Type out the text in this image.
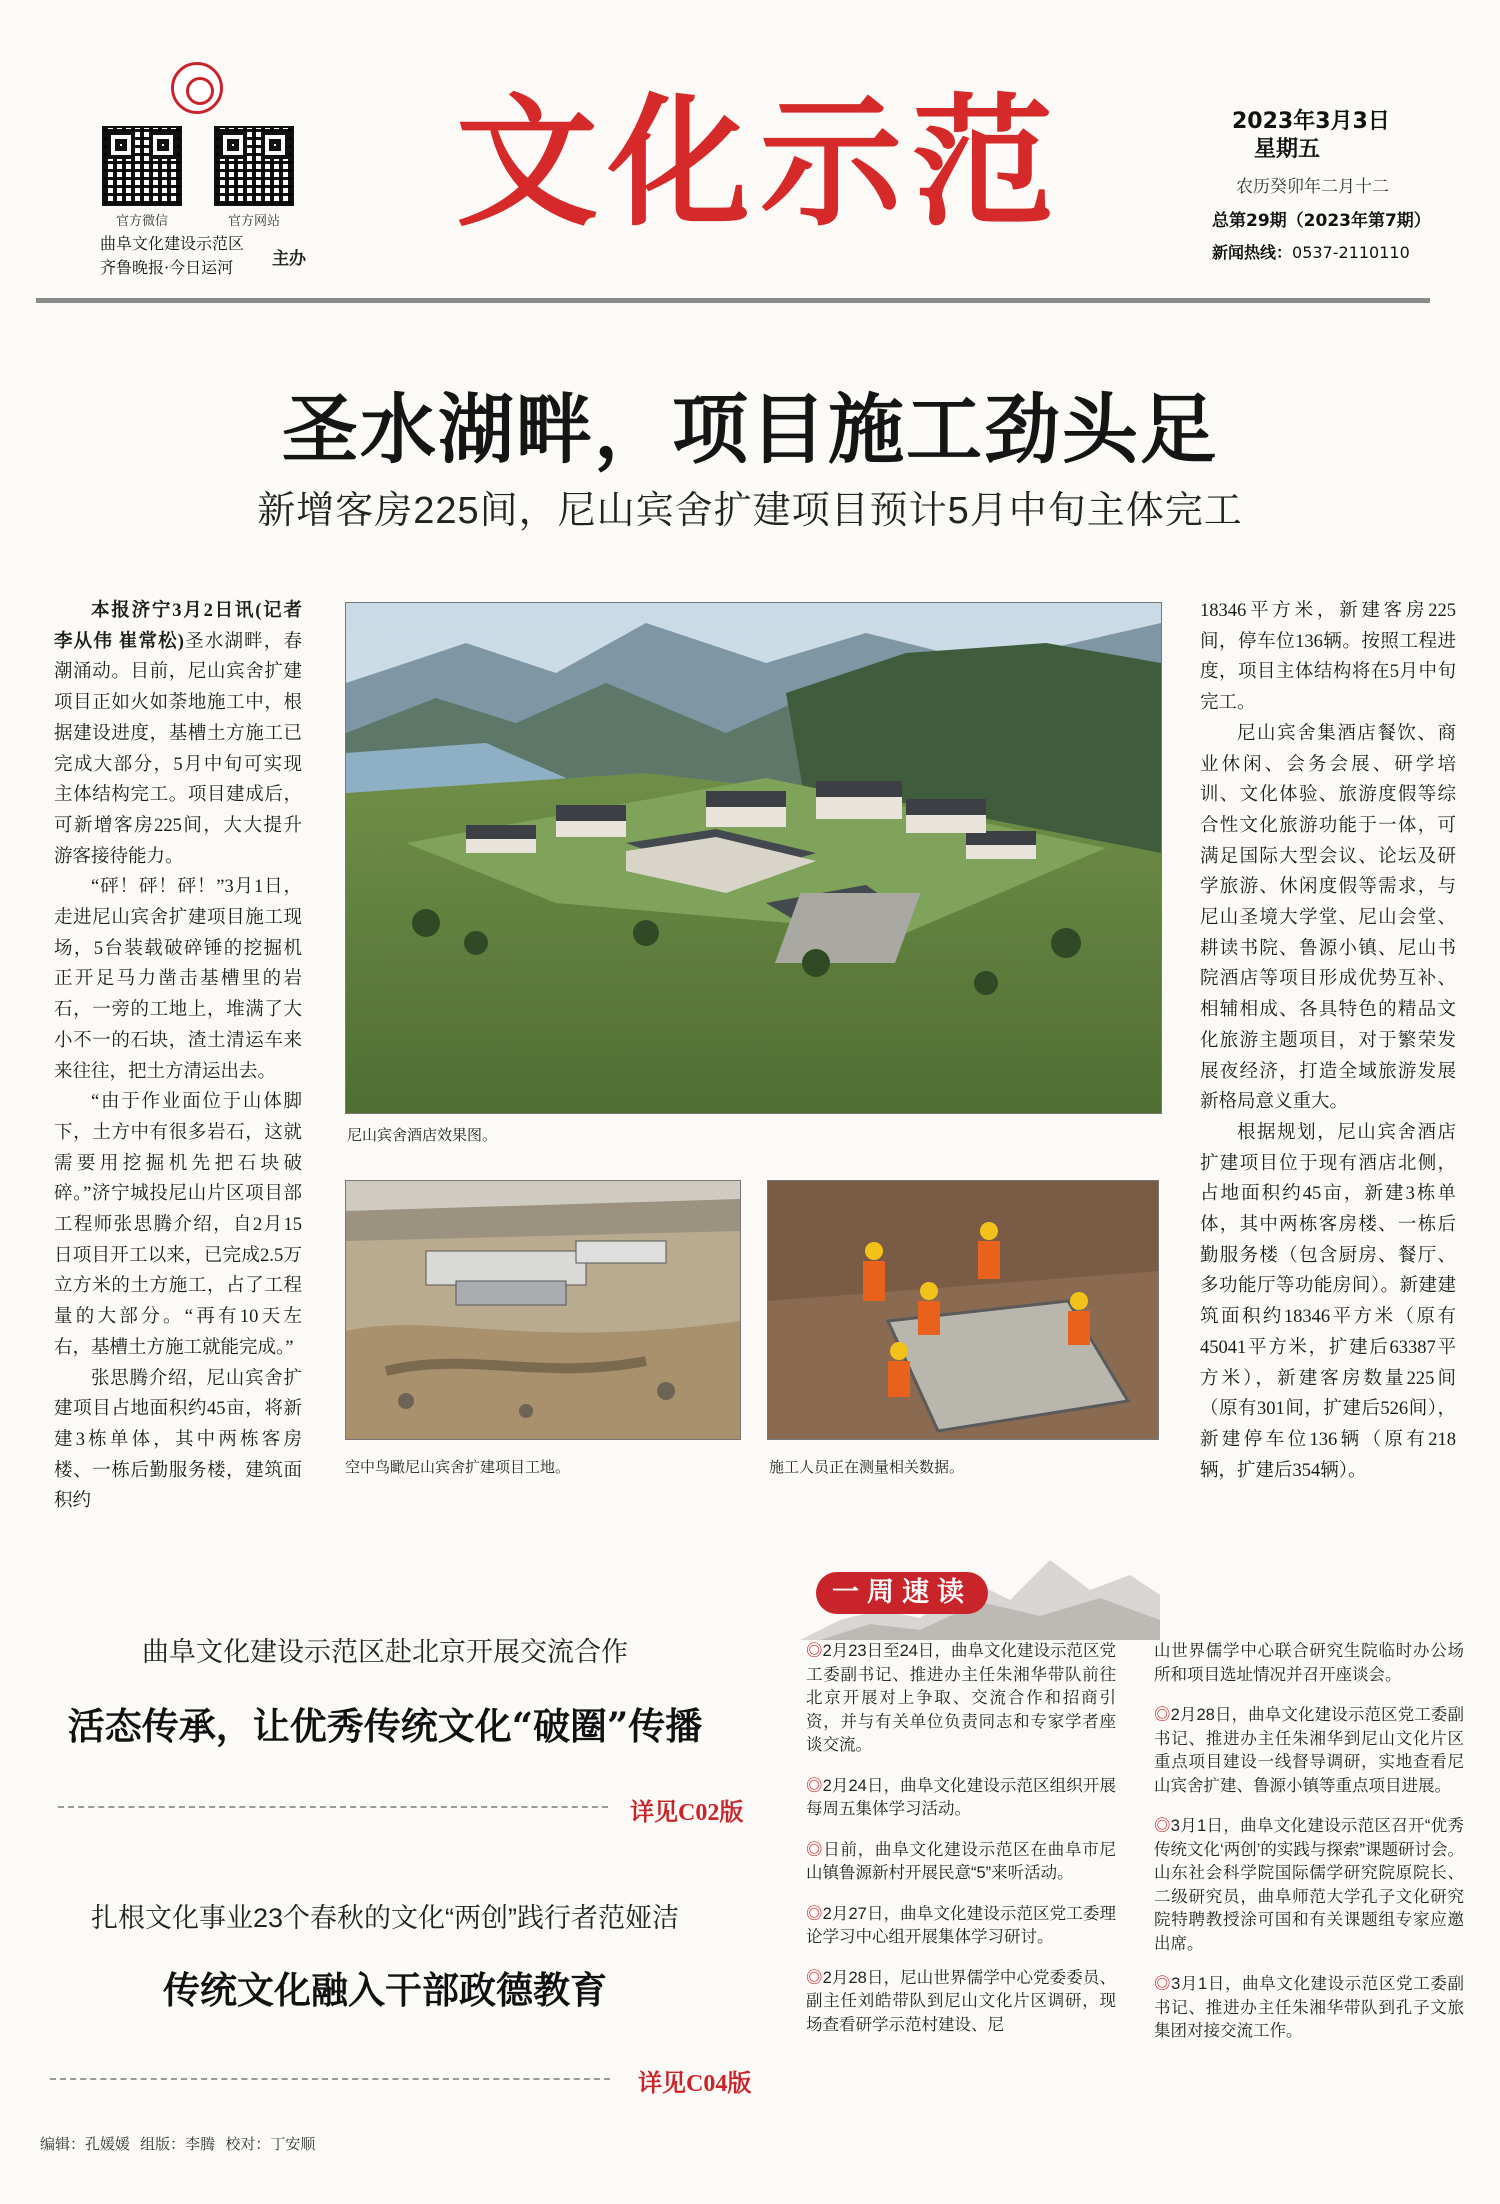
官方微信	官方网站
曲阜文化建设示范区
齐鲁晚报·今日运河	主办
文化示范	2023年3月3日
星期五
农历癸卯年二月十二
总第29期（2023年第7期）
新闻热线：0537-2110110
圣水湖畔，项目施工劲头足
新增客房225间，尼山宾舍扩建项目预计5月中旬主体完工

本报济宁3月2日讯(记者 李从伟 崔常松)圣水湖畔，春潮涌动。目前，尼山宾舍扩建项目正如火如荼地施工中，根据建设进度，基槽土方施工已完成大部分，5月中旬可实现主体结构完工。项目建成后，可新增客房225间，大大提升游客接待能力。

“砰！砰！砰！”3月1日，走进尼山宾舍扩建项目施工现场，5台装载破碎锤的挖掘机正开足马力凿击基槽里的岩石，一旁的工地上，堆满了大小不一的石块，渣土清运车来来往往，把土方清运出去。

“由于作业面位于山体脚下，土方中有很多岩石，这就需要用挖掘机先把石块破碎。”济宁城投尼山片区项目部工程师张思腾介绍，自2月15日项目开工以来，已完成2.5万立方米的土方施工，占了工程量的大部分。“再有10天左右，基槽土方施工就能完成。”

张思腾介绍，尼山宾舍扩建项目占地面积约45亩，将新建3栋单体，其中两栋客房楼、一栋后勤服务楼，建筑面积约

18346平方米，新建客房225间，停车位136辆。按照工程进度，项目主体结构将在5月中旬完工。

尼山宾舍集酒店餐饮、商业休闲、会务会展、研学培训、文化体验、旅游度假等综合性文化旅游功能于一体，可满足国际大型会议、论坛及研学旅游、休闲度假等需求，与尼山圣境大学堂、尼山会堂、耕读书院、鲁源小镇、尼山书院酒店等项目形成优势互补、相辅相成、各具特色的精品文化旅游主题项目，对于繁荣发展夜经济，打造全域旅游发展新格局意义重大。

根据规划，尼山宾舍酒店扩建项目位于现有酒店北侧，占地面积约45亩，新建3栋单体，其中两栋客房楼、一栋后勤服务楼（包含厨房、餐厅、多功能厅等功能房间）。新建建筑面积约18346平方米（原有45041平方米，扩建后63387平方米），新建客房数量225间（原有301间，扩建后526间），新建停车位136辆（原有218辆，扩建后354辆）。

尼山宾舍酒店效果图。
空中鸟瞰尼山宾舍扩建项目工地。	施工人员正在测量相关数据。
曲阜文化建设示范区赴北京开展交流合作
活态传承，让优秀传统文化“破圈”传播
详见C02版
扎根文化事业23个春秋的文化“两创”践行者范娅洁
传统文化融入干部政德教育
详见C04版
一周速读
◎2月23日至24日，曲阜文化建设示范区党工委副书记、推进办主任朱湘华带队前往北京开展对上争取、交流合作和招商引资，并与有关单位负责同志和专家学者座谈交流。
◎2月24日，曲阜文化建设示范区组织开展每周五集体学习活动。
◎日前，曲阜文化建设示范区在曲阜市尼山镇鲁源新村开展民意“5”来听活动。
◎2月27日，曲阜文化建设示范区党工委理论学习中心组开展集体学习研讨。
◎2月28日，尼山世界儒学中心党委委员、副主任刘皓带队到尼山文化片区调研，现场查看研学示范村建设、尼
山世界儒学中心联合研究生院临时办公场所和项目选址情况并召开座谈会。
◎2月28日，曲阜文化建设示范区党工委副书记、推进办主任朱湘华到尼山文化片区重点项目建设一线督导调研，实地查看尼山宾舍扩建、鲁源小镇等重点项目进展。
◎3月1日，曲阜文化建设示范区召开“优秀传统文化‘两创’的实践与探索”课题研讨会。山东社会科学院国际儒学研究院原院长、二级研究员，曲阜师范大学孔子文化研究院特聘教授涂可国和有关课题组专家应邀出席。
◎3月1日，曲阜文化建设示范区党工委副书记、推进办主任朱湘华带队到孔子文旅集团对接交流工作。
编辑：孔媛媛 组版：李腾 校对：丁安顺
